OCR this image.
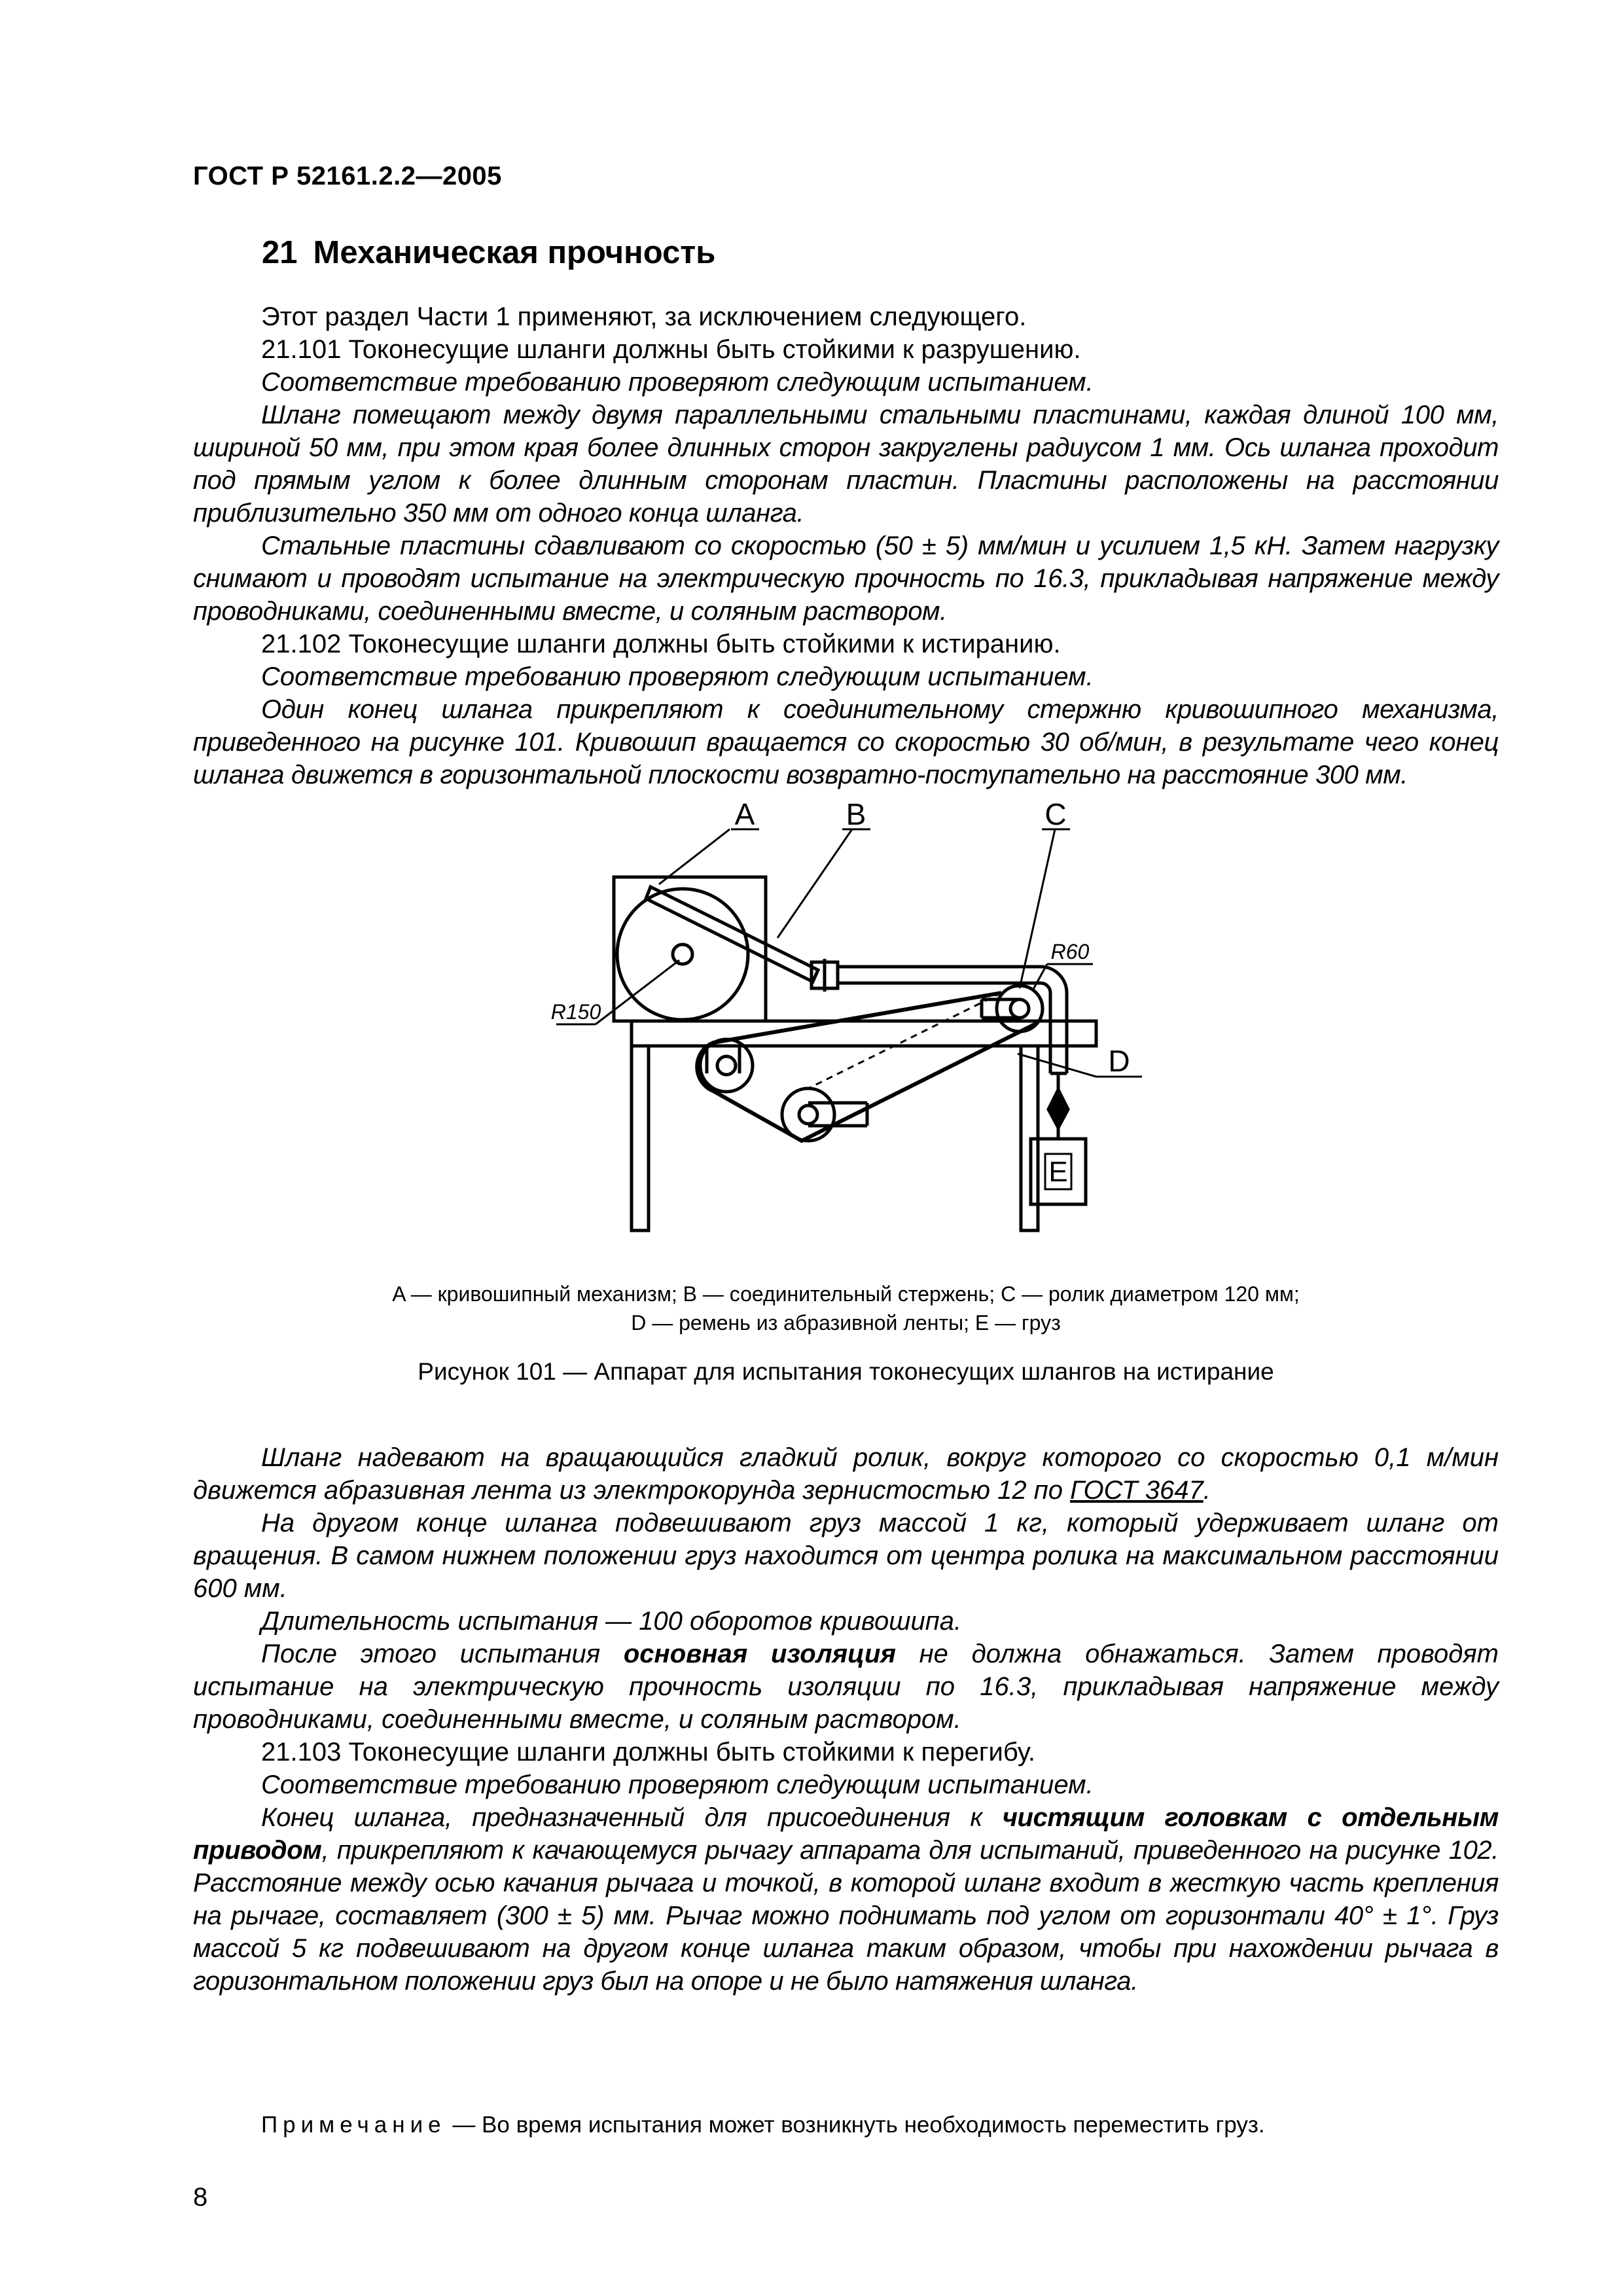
ГОСТ Р 52161.2.2—2005
21 Механическая прочность

Этот раздел Части 1 применяют, за исключением следующего.

21.101 Токонесущие шланги должны быть стойкими к разрушению.

Соответствие требованию проверяют следующим испытанием.

Шланг помещают между двумя параллельными стальными пластинами, каждая длиной 100 мм, шириной 50 мм, при этом края более длинных сторон закруглены радиусом 1 мм. Ось шланга проходит под прямым углом к более длинным сторонам пластин. Пластины расположены на расстоянии приблизительно 350 мм от одного конца шланга.

Стальные пластины сдавливают со скоростью (50 ± 5) мм/мин и усилием 1,5 кН. Затем нагрузку снимают и проводят испытание на электрическую прочность по 16.3, прикладывая напряжение между проводниками, соединенными вместе, и соляным раствором.

21.102 Токонесущие шланги должны быть стойкими к истиранию.

Соответствие требованию проверяют следующим испытанием.

Один конец шланга прикрепляют к соединительному стержню кривошипного механизма, приведенного на рисунке 101. Кривошип вращается со скоростью 30 об/мин, в результате чего конец шланга движется в горизонтальной плоскости возвратно-поступательно на расстояние 300 мм.

A	B	C
D
E
R150
R60
A — кривошипный механизм; B — соединительный стержень; C — ролик диаметром 120 мм;
D — ремень из абразивной ленты; E — груз
Рисунок 101 — Аппарат для испытания токонесущих шлангов на истирание

Шланг надевают на вращающийся гладкий ролик, вокруг которого со скоростью 0,1 м/мин движется абразивная лента из электрокорунда зернистостью 12 по ГОСТ 3647.

На другом конце шланга подвешивают груз массой 1 кг, который удерживает шланг от вращения. В самом нижнем положении груз находится от центра ролика на максимальном расстоянии 600 мм.

Длительность испытания — 100 оборотов кривошипа.

После этого испытания основная изоляция не должна обнажаться. Затем проводят испытание на электрическую прочность изоляции по 16.3, прикладывая напряжение между проводниками, соединенными вместе, и соляным раствором.

21.103 Токонесущие шланги должны быть стойкими к перегибу.

Соответствие требованию проверяют следующим испытанием.

Конец шланга, предназначенный для присоединения к чистящим головкам с отдельным приводом, прикрепляют к качающемуся рычагу аппарата для испытаний, приведенного на рисунке 102. Расстояние между осью качания рычага и точкой, в которой шланг входит в жесткую часть крепления на рычаге, составляет (300 ± 5) мм. Рычаг можно поднимать под углом от горизонтали 40° ± 1°. Груз массой 5 кг подвешивают на другом конце шланга таким образом, чтобы при нахождении рычага в горизонтальном положении груз был на опоре и не было натяжения шланга.

Примечание — Во время испытания может возникнуть необходимость переместить груз.
8
